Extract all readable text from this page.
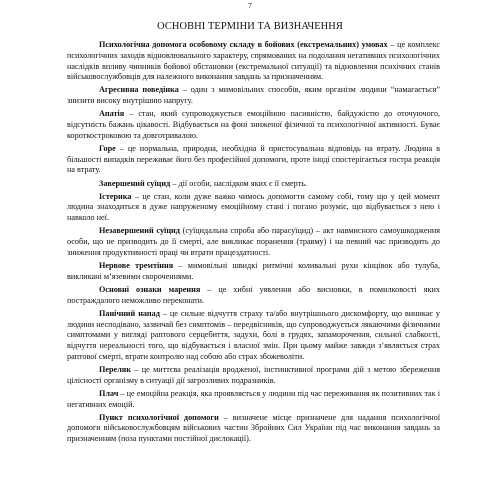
7
ОСНОВНІ ТЕРМІНИ ТА ВИЗНАЧЕННЯ

Психологічна допомога особовому складу в бойових (екстремальних) умовах – це комплекс психологічних заходів відновлювального характеру, спрямованих на подолання негативних психологічних наслідків впливу чинників бойової обстановки (екстремальної ситуації) та відновлення психічних станів військовослужбовців для належного виконання завдань за призначенням.

Агресивна поведінка – один з мимовільних способів, яким організм людини “намагається” знизити високу внутрішню напругу.

Апатія – стан, який супроводжується емоційною пасивністю, байдужістю до оточуючого, відсутність бажань цікавості. Відбувається на фоні зниженої фізичної та психологічної активності. Буває короткостроковою та довготривалою.

Горе – це нормальна, природна, необхідна й пристосувальна відповідь на втрату. Людина в більшості випадків переживає його без професійної допомоги, проте іноді спостерігається гостра реакція на втрату.

Завершений суїцид – дії особи, наслідком яких є її смерть.

Істерика – це стан, коли дуже важко чимось допомогти самому собі, тому що у цей момент людина знаходиться в дуже напруженому емоційному стані і погано розуміє, що відбувається з нею і навколо неї.

Незавершений суїцид (суїцидальна спроба або парасуїцид) – акт навмисного самоушкодження особи, що не призводить до її смерті, але викликає поранення (травму) і на певний час призводить до зниження продуктивності праці чи втрати працездатності.

Нервове тремтіння – мимовільні швидкі ритмічні коливальні рухи кінцівок або тулуба, викликані м’язевими скороченнями.

Основні ознаки марення – це хибні уявлення або висновки, в помилковості яких постраждалого неможливо переконати.

Панічний напад – це сильне відчуття страху та/або внутрішнього дискомфорту, що виникає у людини несподівано, зазвичай без симптомів – передвісників, що супроводжується лякаючими фізичними симптомами у вигляді раптового серцебиття, задухи, болі в грудях, запаморочення, сильної слабкості, відчуття нереальності того, що відбувається і власної змін. При цьому майже завжди з’являється страх раптової смерті, втрати контролю над собою або страх збожеволіти.

Переляк – це миттєва реалізація вродженої, інстинктивної програми дій з метою збереження цілісності організму в ситуації дії загрозливих подразників.

Плач – це емоційна реакція, яка проявляється у людини під час переживання як позитивних так і негативних емоцій.

Пункт психологічної допомоги – визначене місце призначене для надання психологічної допомоги військовослужбовцям військових частин Збройних Сил України під час виконання завдань за призначенням (поза пунктами постійної дислокації).
